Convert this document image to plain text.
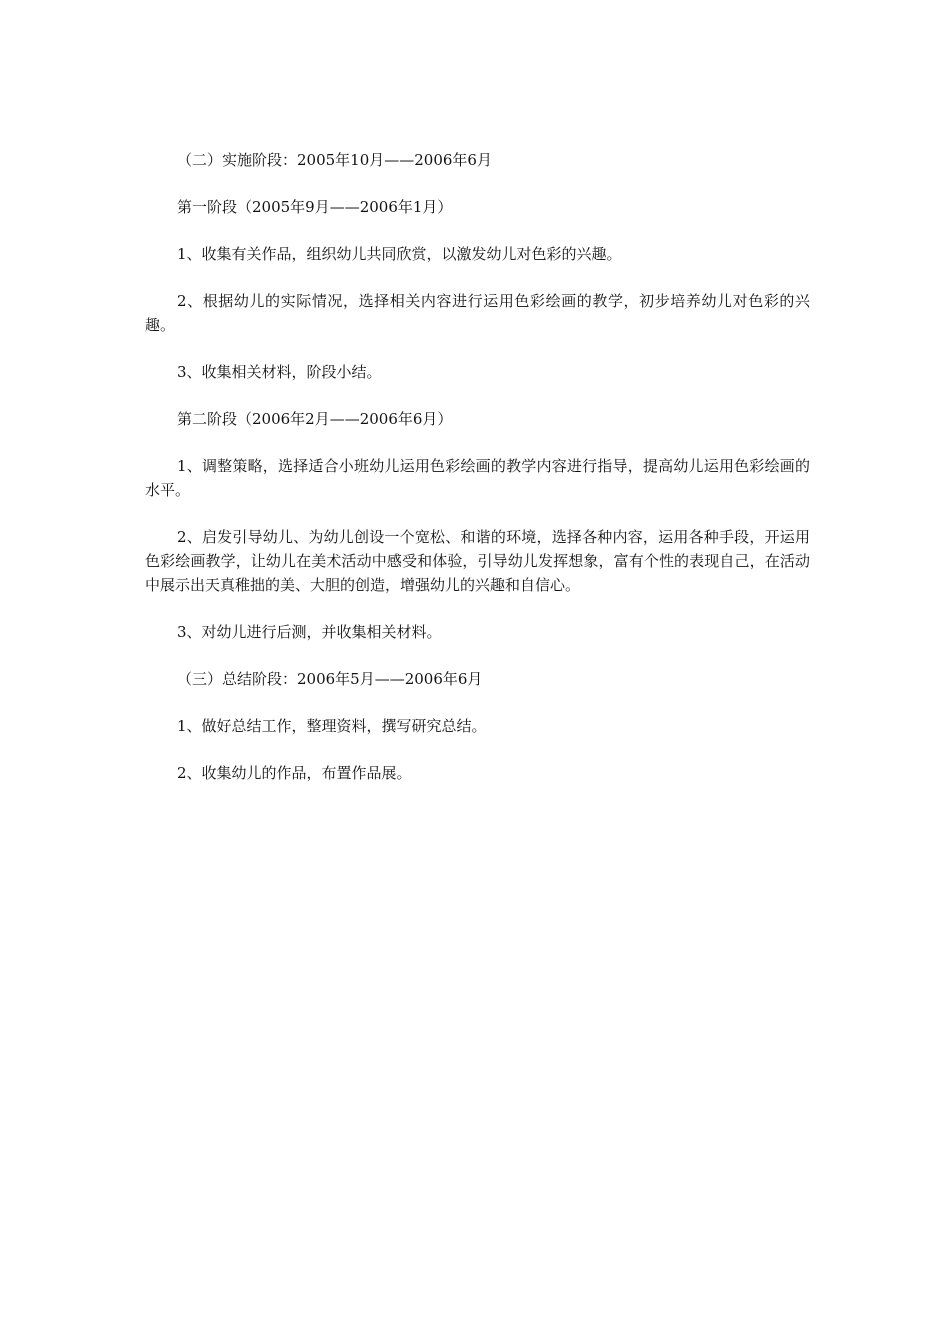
（二）实施阶段：2005年10月——2006年6月

第一阶段（2005年9月——2006年1月）

1、收集有关作品，组织幼儿共同欣赏，以激发幼儿对色彩的兴趣。

2、根据幼儿的实际情况，选择相关内容进行运用色彩绘画的教学，初步培养幼儿对色彩的兴趣。

3、收集相关材料，阶段小结。

第二阶段（2006年2月——2006年6月）

1、调整策略，选择适合小班幼儿运用色彩绘画的教学内容进行指导，提高幼儿运用色彩绘画的水平。

2、启发引导幼儿、为幼儿创设一个宽松、和谐的环境，选择各种内容，运用各种手段，开运用色彩绘画教学，让幼儿在美术活动中感受和体验，引导幼儿发挥想象，富有个性的表现自己，在活动中展示出天真稚拙的美、大胆的创造，增强幼儿的兴趣和自信心。

3、对幼儿进行后测，并收集相关材料。

（三）总结阶段：2006年5月——2006年6月

1、做好总结工作，整理资料，撰写研究总结。

2、收集幼儿的作品，布置作品展。
